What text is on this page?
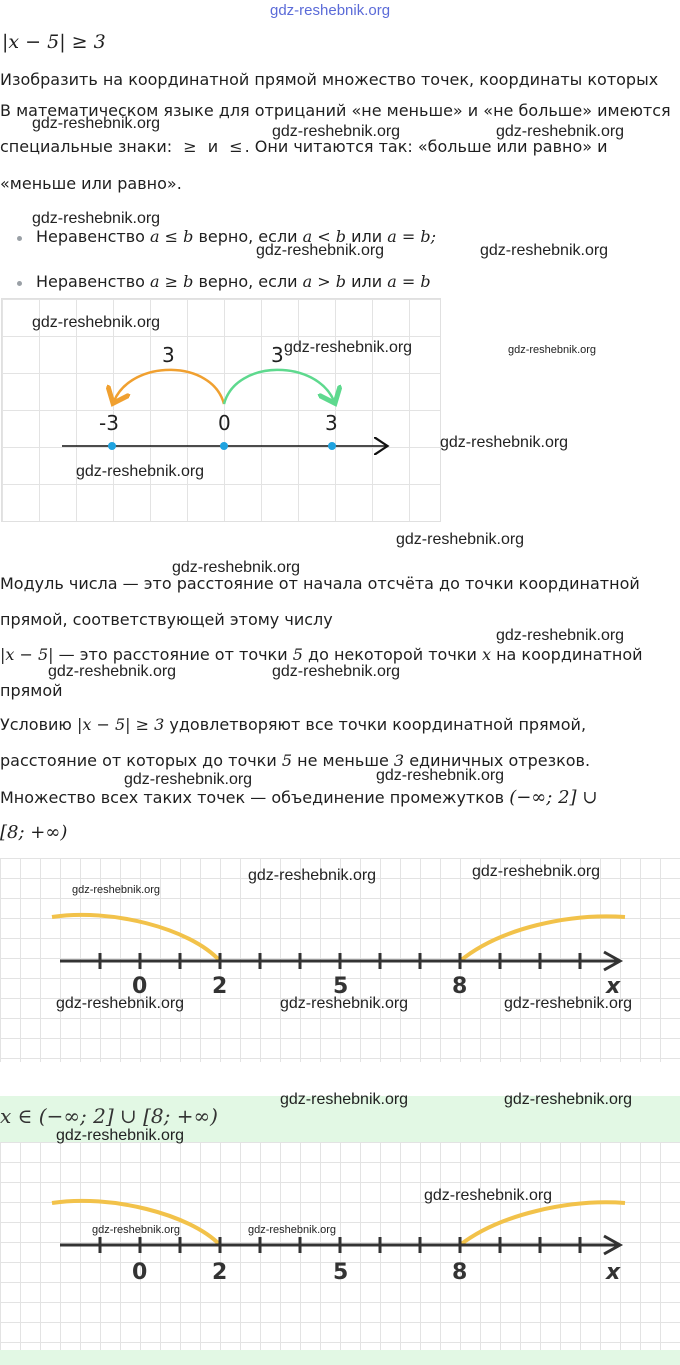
gdz-reshebnik.org
|x − 5| ≥ 3
Изобразить на координатной прямой множество точек, координаты которых
В математическом языке для отрицаний «не меньше» и «не больше» имеются
специальные знаки: ≥ и ≤ . Они читаются так: «больше или равно» и
«меньше или равно».
Неравенство a ≤ b верно, если a < b или a = b;
Неравенство a ≥ b верно, если a > b или a = b
3	3
-3	0	3
Модуль числа — это расстояние от начала отсчёта до точки координатной
прямой, соответствующей этому числу
|x − 5| — это расстояние от точки 5 до некоторой точки x на координатной
прямой
Условию |x − 5| ≥ 3 удовлетворяют все точки координатной прямой,
расстояние от которых до точки 5 не меньше 3 единичных отрезков.
Множество всех таких точек — объединение промежутков (−∞; 2] ∪
[8; +∞)
0	2	5	8	x
x ∈ (−∞; 2] ∪ [8; +∞)
0	2	5	8	x
gdz-reshebnik.org	gdz-reshebnik.org	gdz-reshebnik.org
gdz-reshebnik.org
gdz-reshebnik.org	gdz-reshebnik.org
gdz-reshebnik.org
gdz-reshebnik.org	gdz-reshebnik.org
gdz-reshebnik.org
gdz-reshebnik.org
gdz-reshebnik.org
gdz-reshebnik.org
gdz-reshebnik.org
gdz-reshebnik.org	gdz-reshebnik.org
gdz-reshebnik.org	gdz-reshebnik.org
gdz-reshebnik.org
gdz-reshebnik.org	gdz-reshebnik.org
gdz-reshebnik.org	gdz-reshebnik.org	gdz-reshebnik.org
gdz-reshebnik.org	gdz-reshebnik.org
gdz-reshebnik.org
gdz-reshebnik.org
gdz-reshebnik.org	gdz-reshebnik.org
